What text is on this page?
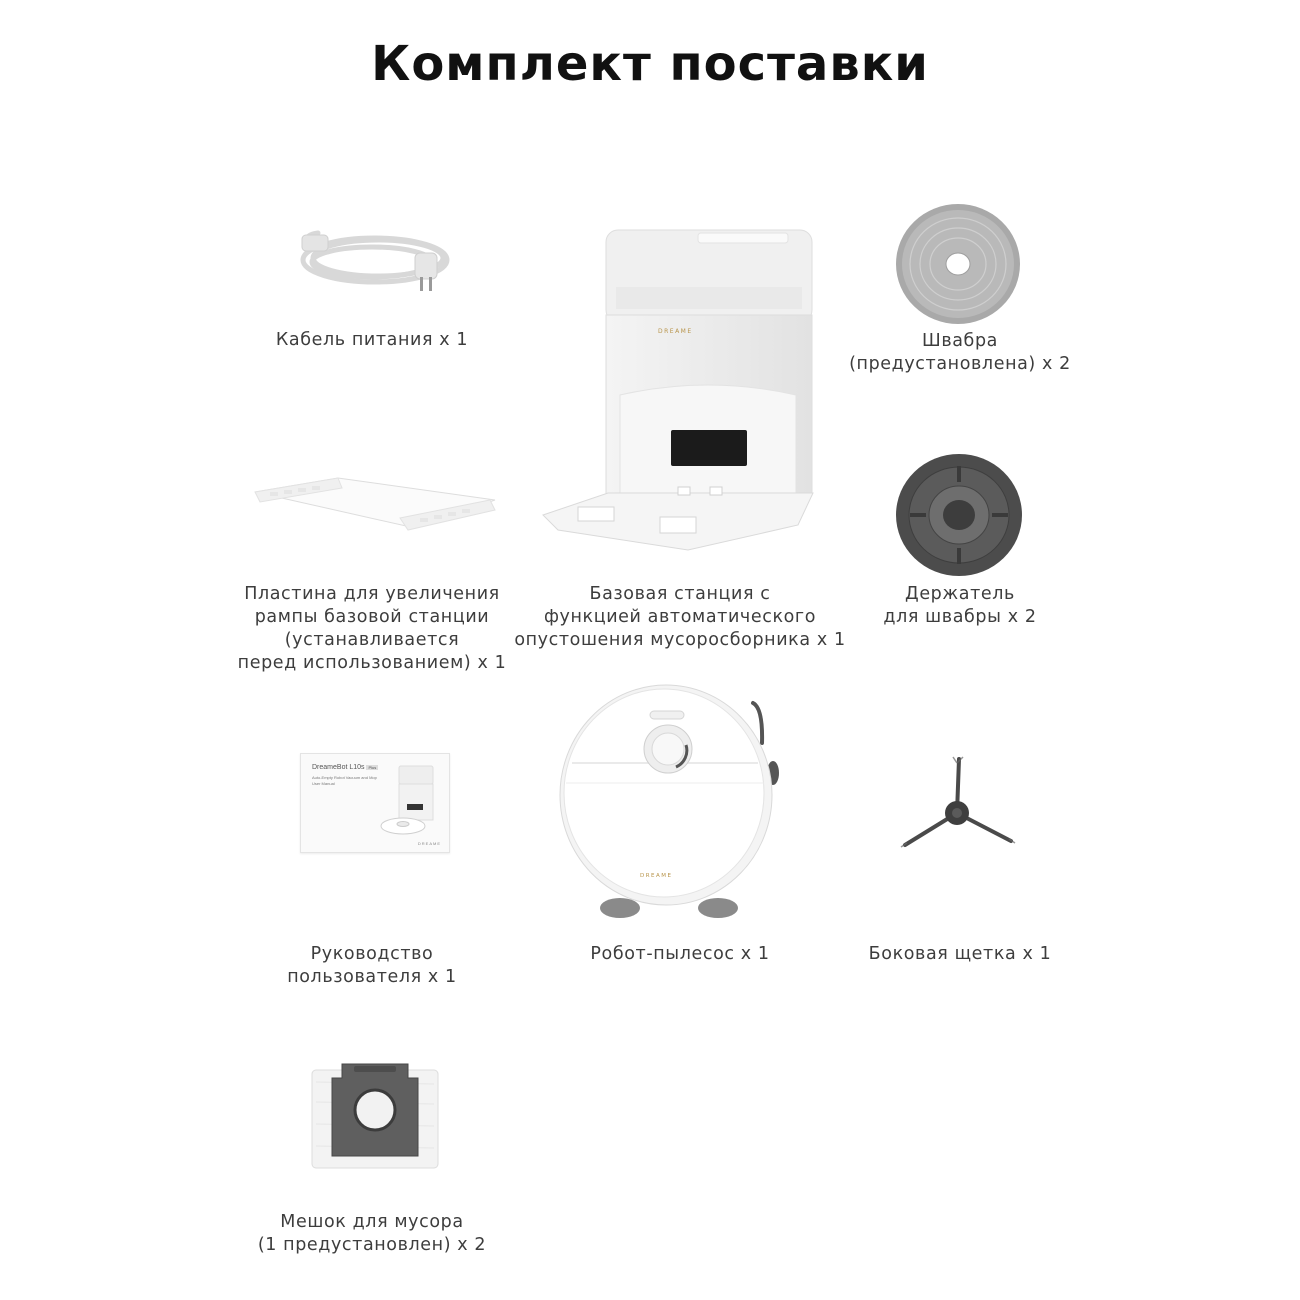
Комплект поставки
Кабель питания х 1	DREAME
Базовая станция с
функцией автоматического
опустошения мусоросборника х 1
Швабра
(предустановлена) х 2
Пластина для увеличения
рампы базовой станции
(устанавливается
перед использованием) х 1
Держатель
для швабры х 2
DreameBot L10s Plus
Auto-Empty Robot Vacuum and Mop
User Manual
DREAME
Руководство
пользователя х 1
DREAME
Робот-пылесос х 1	Боковая щетка х 1
Мешок для мусора
(1 предустановлен) х 2
